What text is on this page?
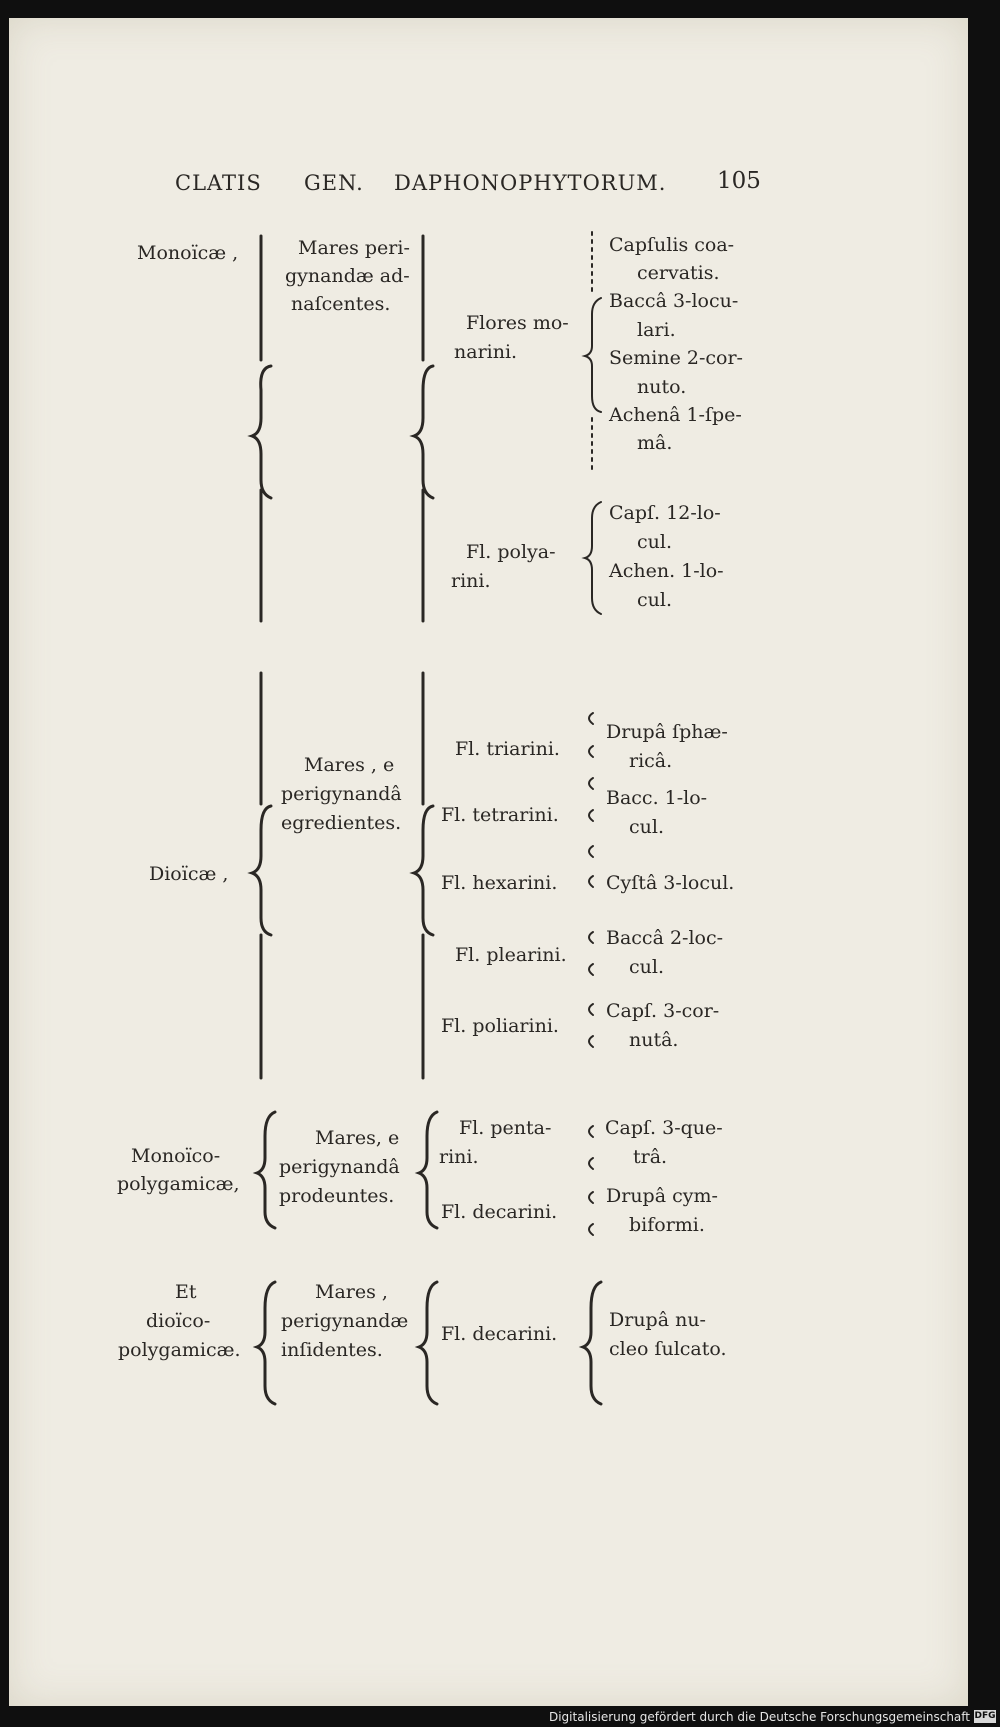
CLATIS GEN. DAPHONOPHYTORUM. 105
Monoïcæ ,	Mares peri-
gynandæ ad-
naſcentes.
Flores mo-
narini.
Capſulis coa-
cervatis.
Baccâ 3-locu-
lari.
Semine 2-cor-
nuto.
Achenâ 1-ſpe-
mâ.
Fl. polya-
rini.
Capſ. 12-lo-
cul.
Achen. 1-lo-
cul.
Dioïcæ ,
Mares , e
perigynandâ
egredientes.
Fl. triarini.
Drupâ ſphæ-
ricâ.
Fl. tetrarini.
Bacc. 1-lo-
cul.
Fl. hexarini.	Cyſtâ 3-locul.
Fl. plearini.
Baccâ 2-loc-
cul.
Fl. poliarini.
Capſ. 3-cor-
nutâ.
Monoïco-
polygamicæ,
Mares, e
perigynandâ
prodeuntes.
Fl. penta-
rini.
Capſ. 3-que-
trâ.
Fl. decarini.
Drupâ cym-
biformi.
Et
dioïco-
polygamicæ.
Mares ,
perigynandæ
inſidentes.
Fl. decarini.
Drupâ nu-
cleo ſulcato.
Digitalisierung gefördert durch die Deutsche Forschungsgemeinschaft DFG
